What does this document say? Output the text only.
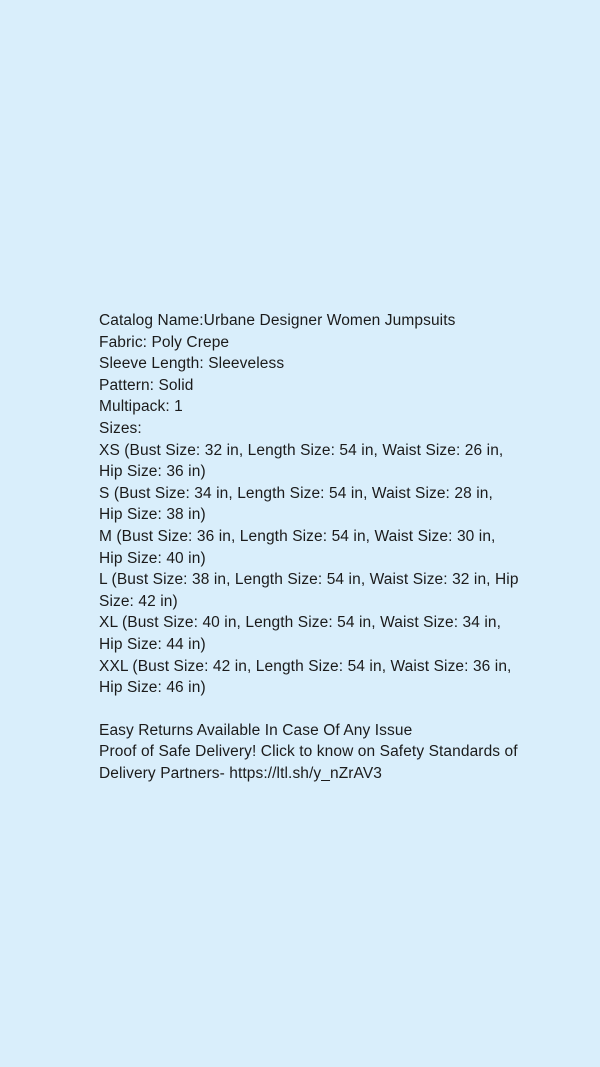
Catalog Name:Urbane Designer Women Jumpsuits
Fabric: Poly Crepe
Sleeve Length: Sleeveless
Pattern: Solid
Multipack: 1
Sizes:
XS (Bust Size: 32 in, Length Size: 54 in, Waist Size: 26 in, Hip Size: 36 in)
S (Bust Size: 34 in, Length Size: 54 in, Waist Size: 28 in, Hip Size: 38 in)
M (Bust Size: 36 in, Length Size: 54 in, Waist Size: 30 in, Hip Size: 40 in)
L (Bust Size: 38 in, Length Size: 54 in, Waist Size: 32 in, Hip Size: 42 in)
XL (Bust Size: 40 in, Length Size: 54 in, Waist Size: 34 in, Hip Size: 44 in)
XXL (Bust Size: 42 in, Length Size: 54 in, Waist Size: 36 in, Hip Size: 46 in)
Easy Returns Available In Case Of Any Issue
Proof of Safe Delivery! Click to know on Safety Standards of Delivery Partners- https://ltl.sh/y_nZrAV3
